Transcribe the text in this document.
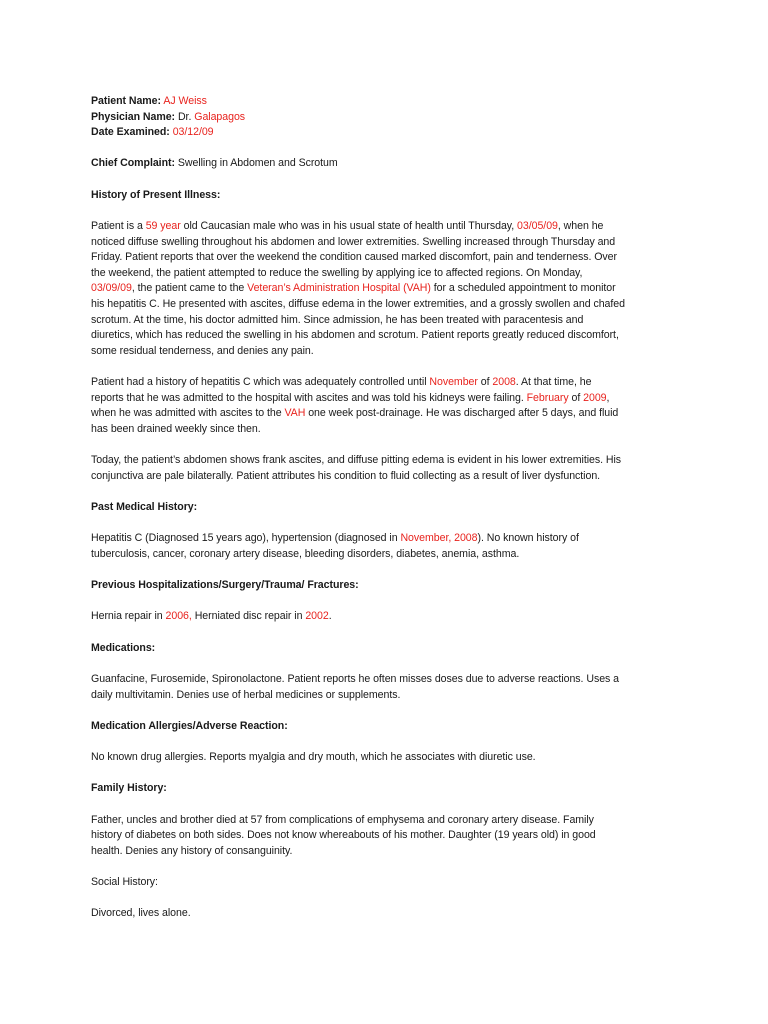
Patient Name: AJ Weiss
Physician Name: Dr. Galapagos
Date Examined: 03/12/09
Chief Complaint: Swelling in Abdomen and Scrotum
History of Present Illness:
Patient is a 59 year old Caucasian male who was in his usual state of health until Thursday, 03/05/09, when he
noticed diffuse swelling throughout his abdomen and lower extremities. Swelling increased through Thursday and
Friday. Patient reports that over the weekend the condition caused marked discomfort, pain and tenderness. Over
the weekend, the patient attempted to reduce the swelling by applying ice to affected regions. On Monday,
03/09/09, the patient came to the Veteran’s Administration Hospital (VAH) for a scheduled appointment to monitor
his hepatitis C. He presented with ascites, diffuse edema in the lower extremities, and a grossly swollen and chafed
scrotum. At the time, his doctor admitted him. Since admission, he has been treated with paracentesis and
diuretics, which has reduced the swelling in his abdomen and scrotum. Patient reports greatly reduced discomfort,
some residual tenderness, and denies any pain.
Patient had a history of hepatitis C which was adequately controlled until November of 2008. At that time, he
reports that he was admitted to the hospital with ascites and was told his kidneys were failing. February of 2009,
when he was admitted with ascites to the VAH one week post-drainage. He was discharged after 5 days, and fluid
has been drained weekly since then.
Today, the patient’s abdomen shows frank ascites, and diffuse pitting edema is evident in his lower extremities. His
conjunctiva are pale bilaterally. Patient attributes his condition to fluid collecting as a result of liver dysfunction.
Past Medical History:
Hepatitis C (Diagnosed 15 years ago), hypertension (diagnosed in November, 2008). No known history of
tuberculosis, cancer, coronary artery disease, bleeding disorders, diabetes, anemia, asthma.
Previous Hospitalizations/Surgery/Trauma/ Fractures:
Hernia repair in 2006, Herniated disc repair in 2002.
Medications:
Guanfacine, Furosemide, Spironolactone. Patient reports he often misses doses due to adverse reactions. Uses a
daily multivitamin. Denies use of herbal medicines or supplements.
Medication Allergies/Adverse Reaction:
No known drug allergies. Reports myalgia and dry mouth, which he associates with diuretic use.
Family History:
Father, uncles and brother died at 57 from complications of emphysema and coronary artery disease. Family
history of diabetes on both sides. Does not know whereabouts of his mother. Daughter (19 years old) in good
health. Denies any history of consanguinity.
Social History:
Divorced, lives alone.
